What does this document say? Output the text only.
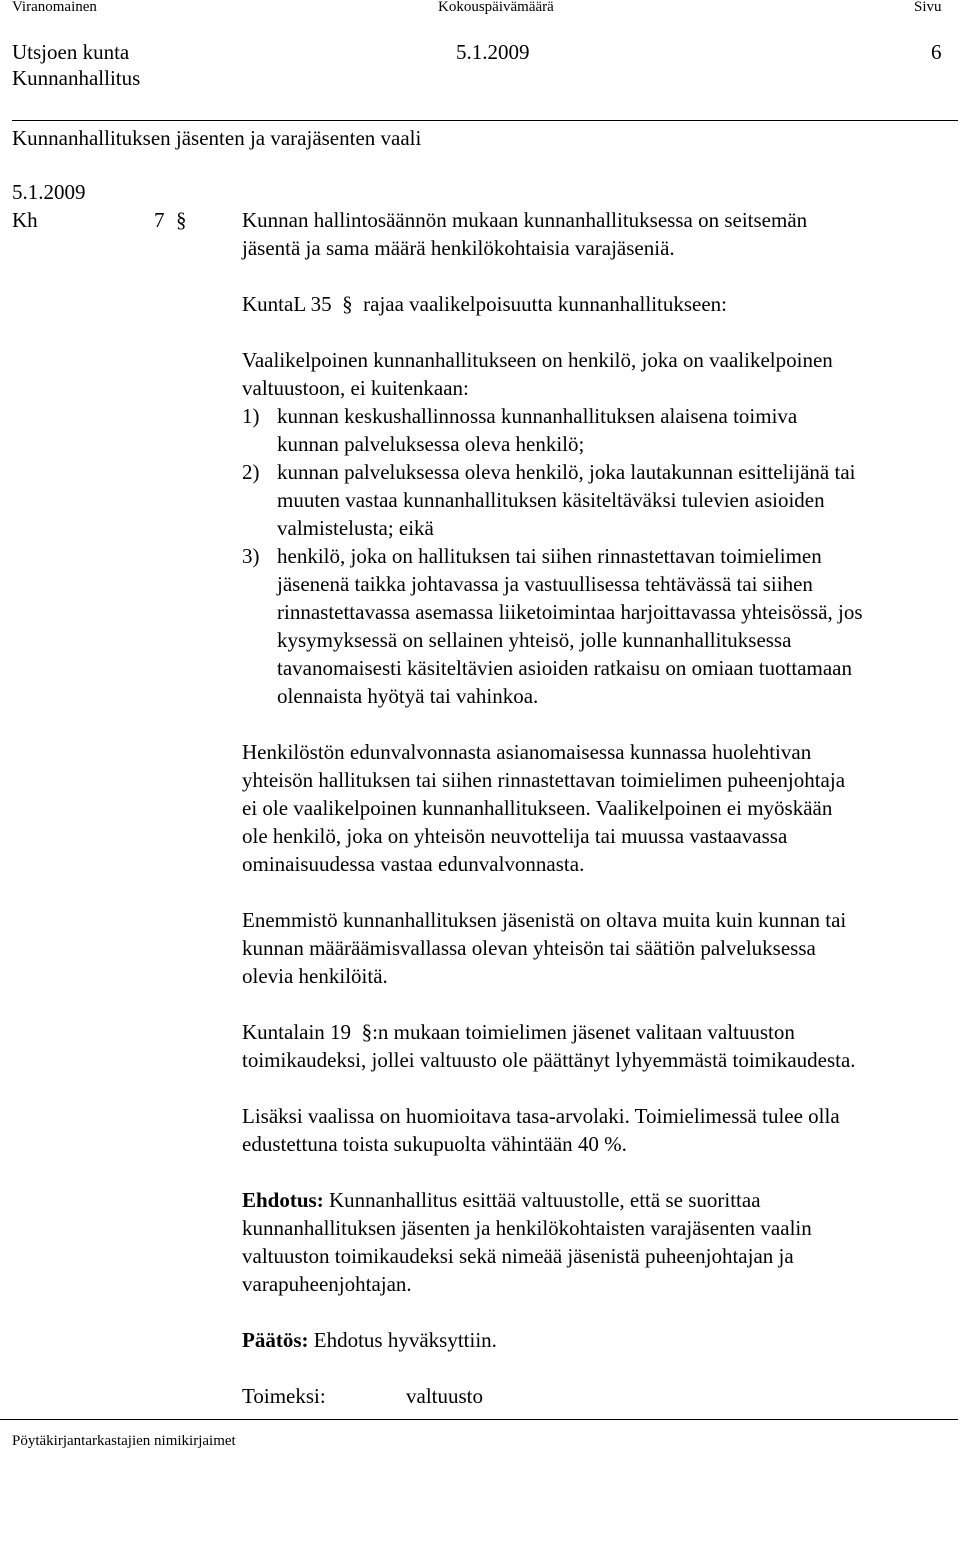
Viranomainen	Kokouspäivämäärä	Sivu
Utsjoen kunta
Kunnanhallitus
5.1.2009	6
Kunnanhallituksen jäsenten ja varajäsenten vaali
5.1.2009
Kh	7 §	Kunnan hallintosäännön mukaan kunnanhallituksessa on seitsemän
jäsentä ja sama määrä henkilökohtaisia varajäseniä.
KuntaL 35 § rajaa vaalikelpoisuutta kunnanhallitukseen:
Vaalikelpoinen kunnanhallitukseen on henkilö, joka on vaalikelpoinen
valtuustoon, ei kuitenkaan:
1) kunnan keskushallinnossa kunnanhallituksen alaisena toimiva
kunnan palveluksessa oleva henkilö;
2) kunnan palveluksessa oleva henkilö, joka lautakunnan esittelijänä tai
muuten vastaa kunnanhallituksen käsiteltäväksi tulevien asioiden
valmistelusta; eikä
3) henkilö, joka on hallituksen tai siihen rinnastettavan toimielimen
jäsenenä taikka johtavassa ja vastuullisessa tehtävässä tai siihen
rinnastettavassa asemassa liiketoimintaa harjoittavassa yhteisössä, jos
kysymyksessä on sellainen yhteisö, jolle kunnanhallituksessa
tavanomaisesti käsiteltävien asioiden ratkaisu on omiaan tuottamaan
olennaista hyötyä tai vahinkoa.
Henkilöstön edunvalvonnasta asianomaisessa kunnassa huolehtivan
yhteisön hallituksen tai siihen rinnastettavan toimielimen puheenjohtaja
ei ole vaalikelpoinen kunnanhallitukseen. Vaalikelpoinen ei myöskään
ole henkilö, joka on yhteisön neuvottelija tai muussa vastaavassa
ominaisuudessa vastaa edunvalvonnasta.
Enemmistö kunnanhallituksen jäsenistä on oltava muita kuin kunnan tai
kunnan määräämisvallassa olevan yhteisön tai säätiön palveluksessa
olevia henkilöitä.
Kuntalain 19 §:n mukaan toimielimen jäsenet valitaan valtuuston
toimikaudeksi, jollei valtuusto ole päättänyt lyhyemmästä toimikaudesta.
Lisäksi vaalissa on huomioitava tasa-arvolaki. Toimielimessä tulee olla
edustettuna toista sukupuolta vähintään 40 %.
Ehdotus: Kunnanhallitus esittää valtuustolle, että se suorittaa
kunnanhallituksen jäsenten ja henkilökohtaisten varajäsenten vaalin
valtuuston toimikaudeksi sekä nimeää jäsenistä puheenjohtajan ja
varapuheenjohtajan.
Päätös: Ehdotus hyväksyttiin.
Toimeksi:	valtuusto
Pöytäkirjantarkastajien nimikirjaimet
